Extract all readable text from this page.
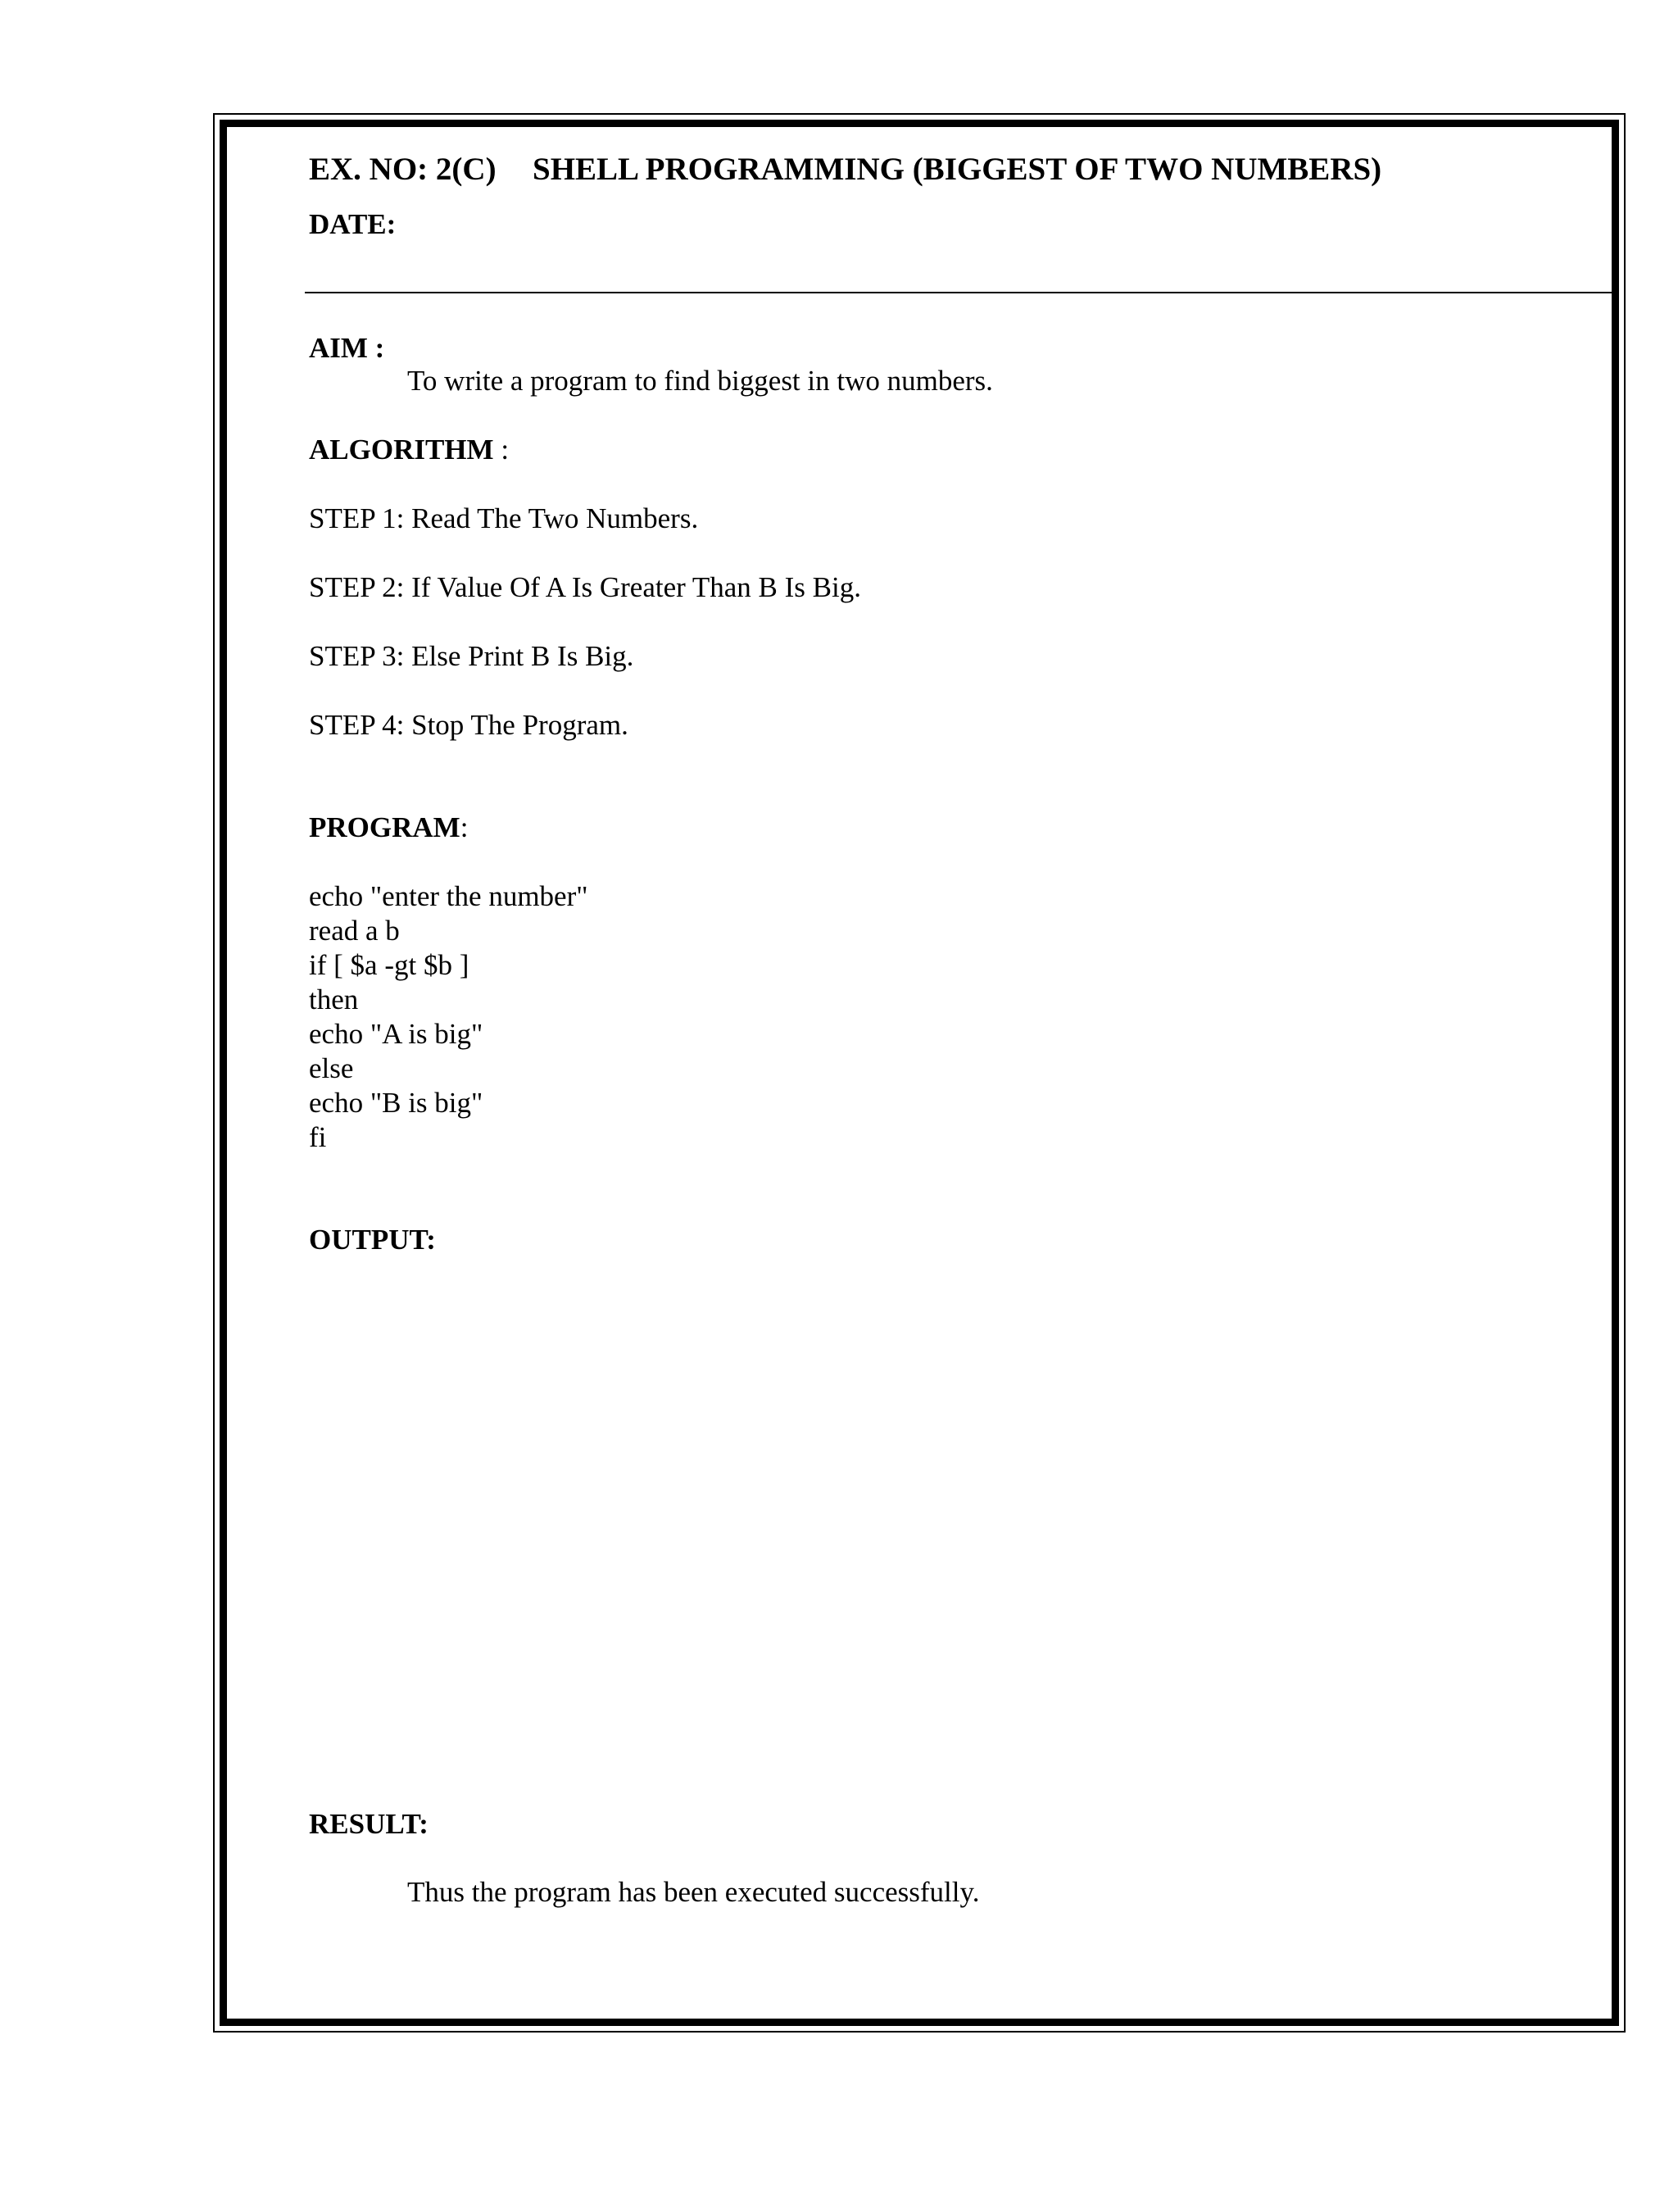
EX. NO: 2(C) SHELL PROGRAMMING (BIGGEST OF TWO NUMBERS)
DATE:
AIM :
To write a program to find biggest in two numbers.
ALGORITHM :
STEP 1: Read The Two Numbers.
STEP 2: If Value Of A Is Greater Than B Is Big.
STEP 3: Else Print B Is Big.
STEP 4: Stop The Program.
PROGRAM:
echo "enter the number"
read a b
if [ $a -gt $b ]
then
echo "A is big"
else
echo "B is big"
fi
OUTPUT:
RESULT:
Thus the program has been executed successfully.
